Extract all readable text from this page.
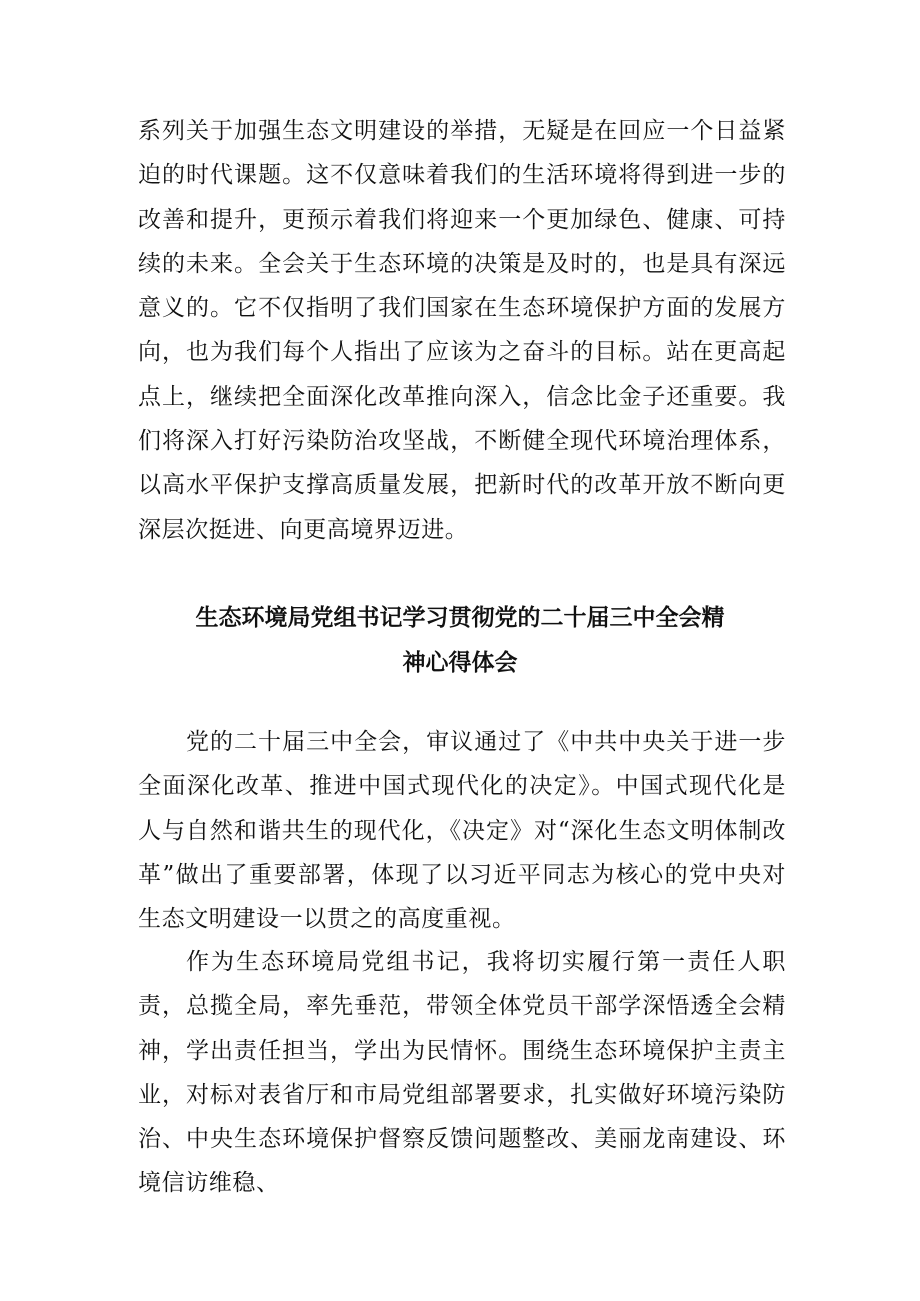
系列关于加强生态文明建设的举措，无疑是在回应一个日益紧迫的时代课题。这不仅意味着我们的生活环境将得到进一步的改善和提升，更预示着我们将迎来一个更加绿色、健康、可持续的未来。全会关于生态环境的决策是及时的，也是具有深远意义的。它不仅指明了我们国家在生态环境保护方面的发展方向，也为我们每个人指出了应该为之奋斗的目标。站在更高起点上，继续把全面深化改革推向深入，信念比金子还重要。我们将深入打好污染防治攻坚战，不断健全现代环境治理体系，以高水平保护支撑高质量发展，把新时代的改革开放不断向更深层次挺进、向更高境界迈进。

生态环境局党组书记学习贯彻党的二十届三中全会精
神心得体会

党的二十届三中全会，审议通过了《中共中央关于进一步全面深化改革、推进中国式现代化的决定》。中国式现代化是人与自然和谐共生的现代化，《决定》对“深化生态文明体制改革”做出了重要部署，体现了以习近平同志为核心的党中央对生态文明建设一以贯之的高度重视。

作为生态环境局党组书记，我将切实履行第一责任人职责，总揽全局，率先垂范，带领全体党员干部学深悟透全会精神，学出责任担当，学出为民情怀。围绕生态环境保护主责主业，对标对表省厅和市局党组部署要求，扎实做好环境污染防治、中央生态环境保护督察反馈问题整改、美丽龙南建设、环境信访维稳、
